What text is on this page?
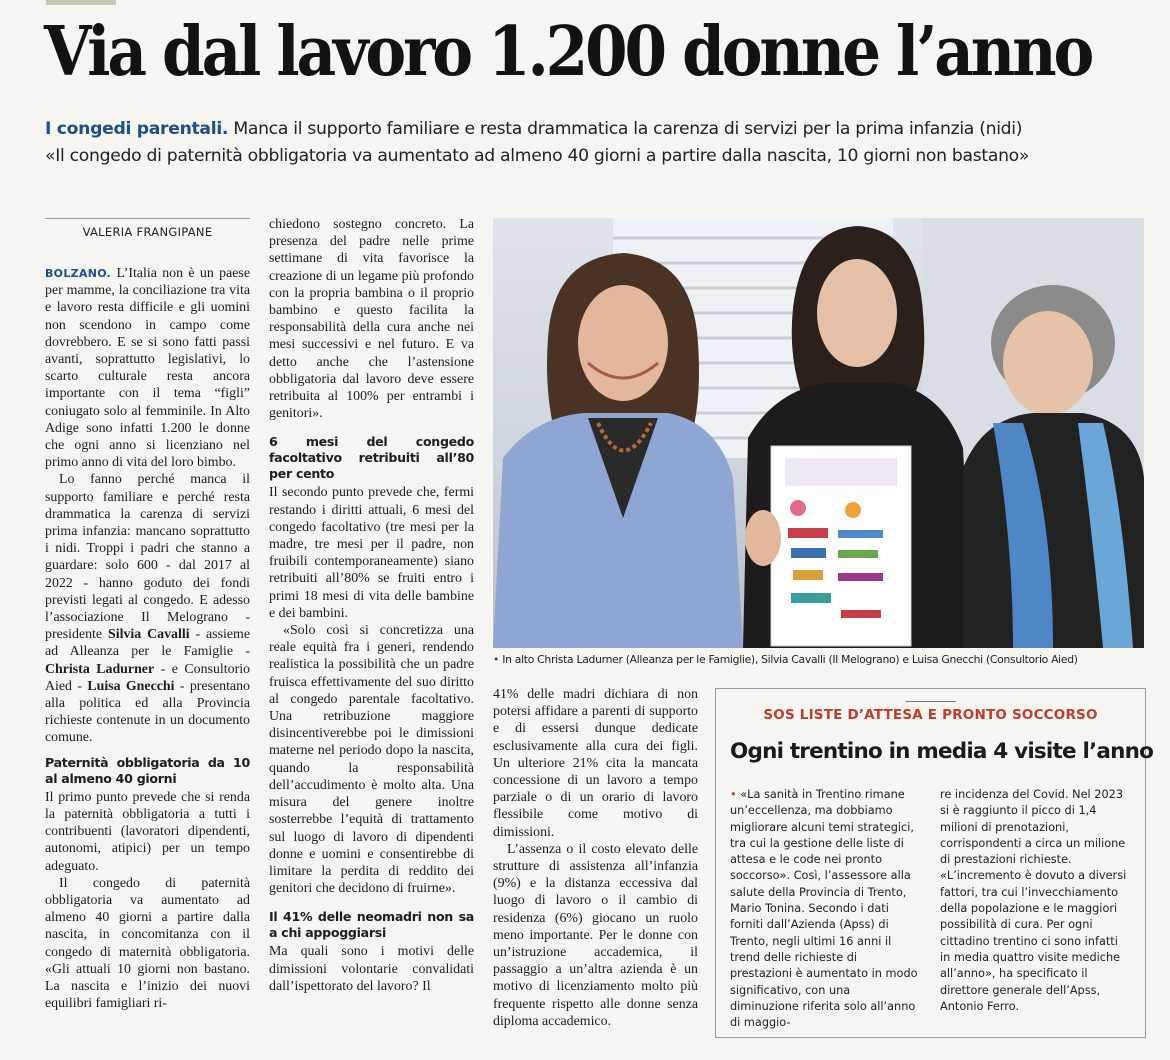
Via dal lavoro 1.200 donne l’anno
I congedi parentali. Manca il supporto familiare e resta drammatica la carenza di servizi per la prima infanzia (nidi)
«Il congedo di paternità obbligatoria va aumentato ad almeno 40 giorni a partire dalla nascita, 10 giorni non bastano»
VALERIA FRANGIPANE

BOLZANO. L’Italia non è un paese per mamme, la conciliazione tra vita e lavoro resta difficile e gli uomini non scendono in campo come dovrebbero. E se si sono fatti passi avanti, soprattutto legislativi, lo scarto culturale resta ancora importante con il tema “figli” coniugato solo al femminile. In Alto Adige sono infatti 1.200 le donne che ogni anno si licenziano nel primo anno di vita del loro bimbo.

Lo fanno perché manca il supporto familiare e perché resta drammatica la carenza di servizi prima infanzia: mancano soprattutto i nidi. Troppi i padri che stanno a guardare: solo 600 - dal 2017 al 2022 - hanno goduto dei fondi previsti legati al congedo. E adesso l’associazione Il Melograno - presidente Silvia Cavalli - assieme ad Alleanza per le Famiglie - Christa Ladurner - e Consultorio Aied - Luisa Gnecchi - presentano alla politica ed alla Provincia richieste contenute in un documento comune.

Paternità obbligatoria da 10 al almeno 40 giorni

Il primo punto prevede che si renda la paternità obbligatoria a tutti i contribuenti (lavoratori dipendenti, autonomi, atipici) per un tempo adeguato.

Il congedo di paternità obbligatoria va aumentato ad almeno 40 giorni a partire dalla nascita, in concomitanza con il congedo di maternità obbligatoria. «Gli attuali 10 giorni non bastano. La nascita e l’inizio dei nuovi equilibri famigliari ri-

chiedono sostegno concreto. La presenza del padre nelle prime settimane di vita favorisce la creazione di un legame più profondo con la propria bambina o il proprio bambino e questo facilita la responsabilità della cura anche nei mesi successivi e nel futuro. E va detto anche che l’astensione obbligatoria dal lavoro deve essere retribuita al 100% per entrambi i genitori».

6 mesi del congedo facoltativo retribuiti all’80 per cento

Il secondo punto prevede che, fermi restando i diritti attuali, 6 mesi del congedo facoltativo (tre mesi per la madre, tre mesi per il padre, non fruibili contemporaneamente) siano retribuiti all’80% se fruiti entro i primi 18 mesi di vita delle bambine e dei bambini.

«Solo così si concretizza una reale equità fra i generi, rendendo realistica la possibilità che un padre fruisca effettivamente del suo diritto al congedo parentale facoltativo. Una retribuzione maggiore disincentiverebbe poi le dimissioni materne nel periodo dopo la nascita, quando la responsabilità dell’accudimento è molto alta. Una misura del genere inoltre sosterrebbe l’equità di trattamento sul luogo di lavoro di dipendenti donne e uomini e consentirebbe di limitare la perdita di reddito dei genitori che decidono di fruirne».

Il 41% delle neomadri non sa a chi appoggiarsi

Ma quali sono i motivi delle dimissioni volontarie convalidati dall’ispettorato del lavoro? Il

41% delle madri dichiara di non potersi affidare a parenti di supporto e di essersi dunque dedicate esclusivamente alla cura dei figli. Un ulteriore 21% cita la mancata concessione di un lavoro a tempo parziale o di un orario di lavoro flessibile come motivo di dimissioni.

L’assenza o il costo elevato delle strutture di assistenza all’infanzia (9%) e la distanza eccessiva dal luogo di lavoro o il cambio di residenza (6%) giocano un ruolo meno importante. Per le donne con un’istruzione accademica, il passaggio a un’altra azienda è un motivo di licenziamento molto più frequente rispetto alle donne senza diploma accademico.

• In alto Christa Ladurner (Alleanza per le Famiglie), Silvia Cavalli (Il Melograno) e Luisa Gnecchi (Consultorio Aied)
SOS LISTE D’ATTESA E PRONTO SOCCORSO
Ogni trentino in media 4 visite l’anno
• «La sanità in Trentino rimane un’eccellenza, ma dobbiamo migliorare alcuni temi strategici, tra cui la gestione delle liste di attesa e le code nei pronto soccorso». Così, l’assessore alla salute della Provincia di Trento, Mario Tonina. Secondo i dati forniti dall’Azienda (Apss) di Trento, negli ultimi 16 anni il trend delle richieste di prestazioni è aumentato in modo significativo, con una diminuzione riferita solo all’anno di maggio-
re incidenza del Covid. Nel 2023 si è raggiunto il picco di 1,4 milioni di prenotazioni, corrispondenti a circa un milione di prestazioni richieste. «L’incremento è dovuto a diversi fattori, tra cui l’invecchiamento della popolazione e le maggiori possibilità di cura. Per ogni cittadino trentino ci sono infatti in media quattro visite mediche all’anno», ha specificato il direttore generale dell’Apss, Antonio Ferro.
